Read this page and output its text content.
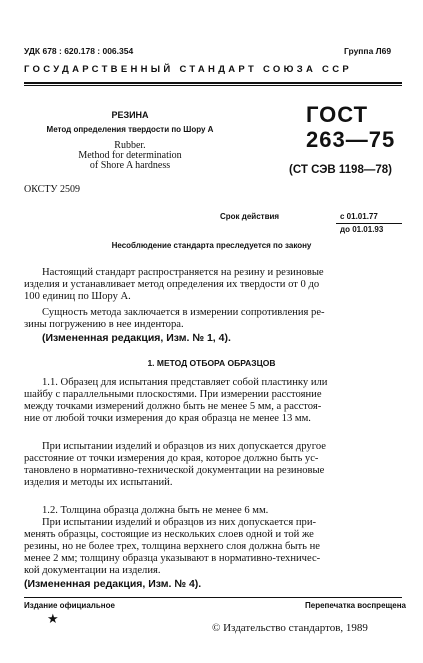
УДК 678 : 620.178 : 006.354	Группа Л69
ГОСУДАРСТВЕННЫЙ СТАНДАРТ СОЮЗА ССР
РЕЗИНА
Метод определения твердости по Шору А
Rubber.
Method for determination
of Shore A hardness
ГОСТ
263—75
(СТ СЭВ 1198—78)
ОКСТУ 2509
Срок действия	с 01.01.77
до 01.01.93
Несоблюдение стандарта преследуется по закону
Настоящий стандарт распространяется на резину и резиновые
изделия и устанавливает метод определения их твердости от 0 до
100 единиц по Шору А.
Сущность метода заключается в измерении сопротивления ре-
зины погружению в нее индентора.
(Измененная редакция, Изм. № 1, 4).
1. МЕТОД ОТБОРА ОБРАЗЦОВ
1.1. Образец для испытания представляет собой пластинку или
шайбу с параллельными плоскостями. При измерении расстояние
между точками измерений должно быть не менее 5 мм, а расстоя-
ние от любой точки измерения до края образца не менее 13 мм.
При испытании изделий и образцов из них допускается другое
расстояние от точки измерения до края, которое должно быть ус-
тановлено в нормативно-технической документации на резиновые
изделия и методы их испытаний.
1.2. Толщина образца должна быть не менее 6 мм.
При испытании изделий и образцов из них допускается при-
менять образцы, состоящие из нескольких слоев одной и той же
резины, но не более трех, толщина верхнего слоя должна быть не
менее 2 мм; толщину образца указывают в нормативно-техничес-
кой документации на изделия.
(Измененная редакция, Изм. № 4).
Издание официальное	Перепечатка воспрещена
★
© Издательство стандартов, 1989
